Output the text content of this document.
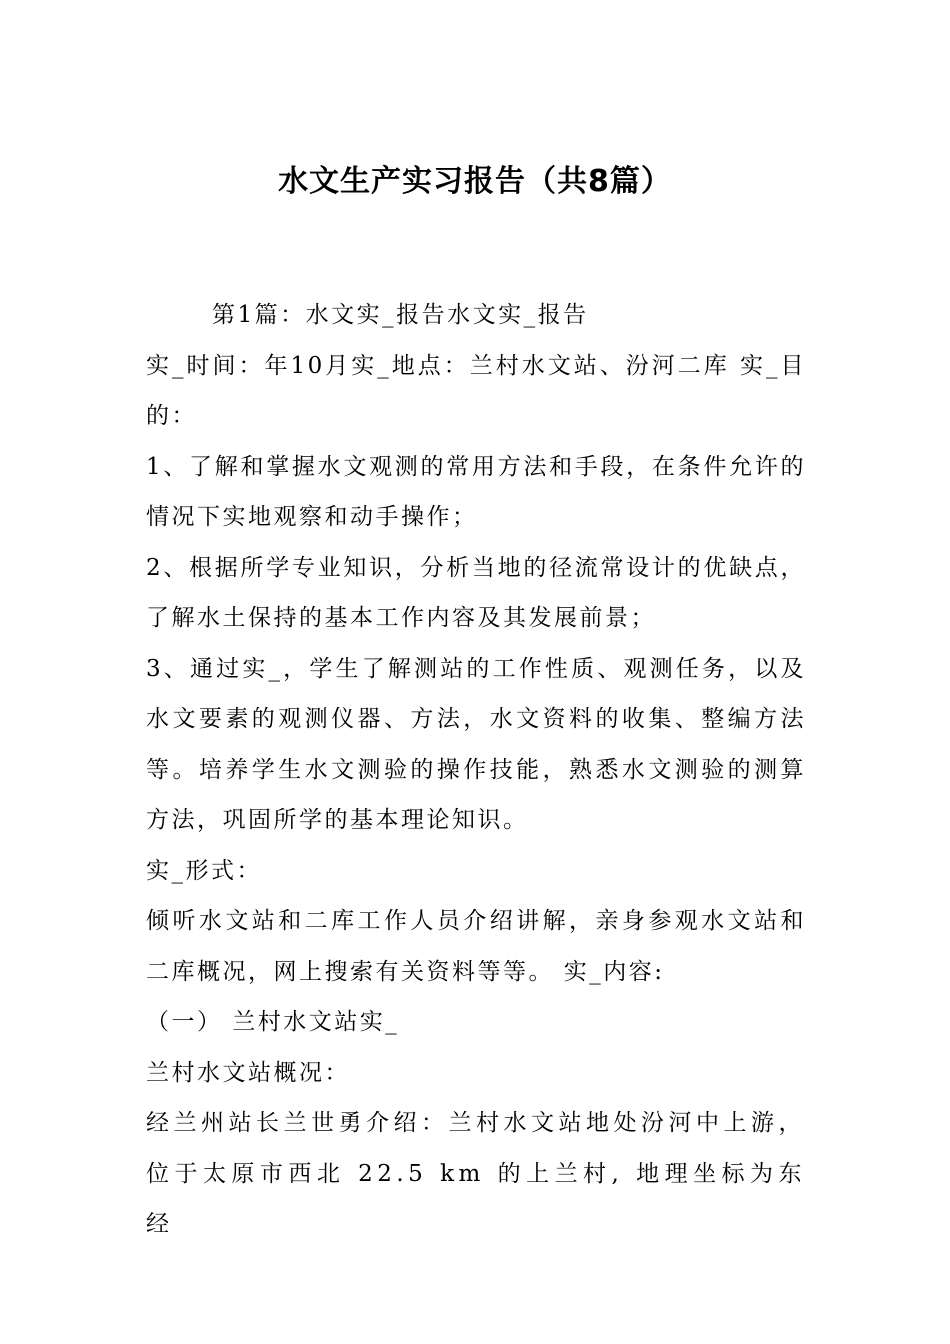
水文生产实习报告（共8篇）

第1篇：水文实_报告水文实_报告

实_时间：年10月实_地点：兰村水文站、汾河二库 实_目的：

1、了解和掌握水文观测的常用方法和手段，在条件允许的情况下实地观察和动手操作；

2、根据所学专业知识，分析当地的径流常设计的优缺点，了解水土保持的基本工作内容及其发展前景；

3、通过实_，学生了解测站的工作性质、观测任务，以及水文要素的观测仪器、方法，水文资料的收集、整编方法等。培养学生水文测验的操作技能，熟悉水文测验的测算方法，巩固所学的基本理论知识。

实_形式：

倾听水文站和二库工作人员介绍讲解，亲身参观水文站和二库概况，网上搜索有关资料等等。 实_内容:

（一） 兰村水文站实_

兰村水文站概况：

经兰州站长兰世勇介绍：兰村水文站地处汾河中上游，位于太原市西北 22.5 km 的上兰村, 地理坐标为东经
